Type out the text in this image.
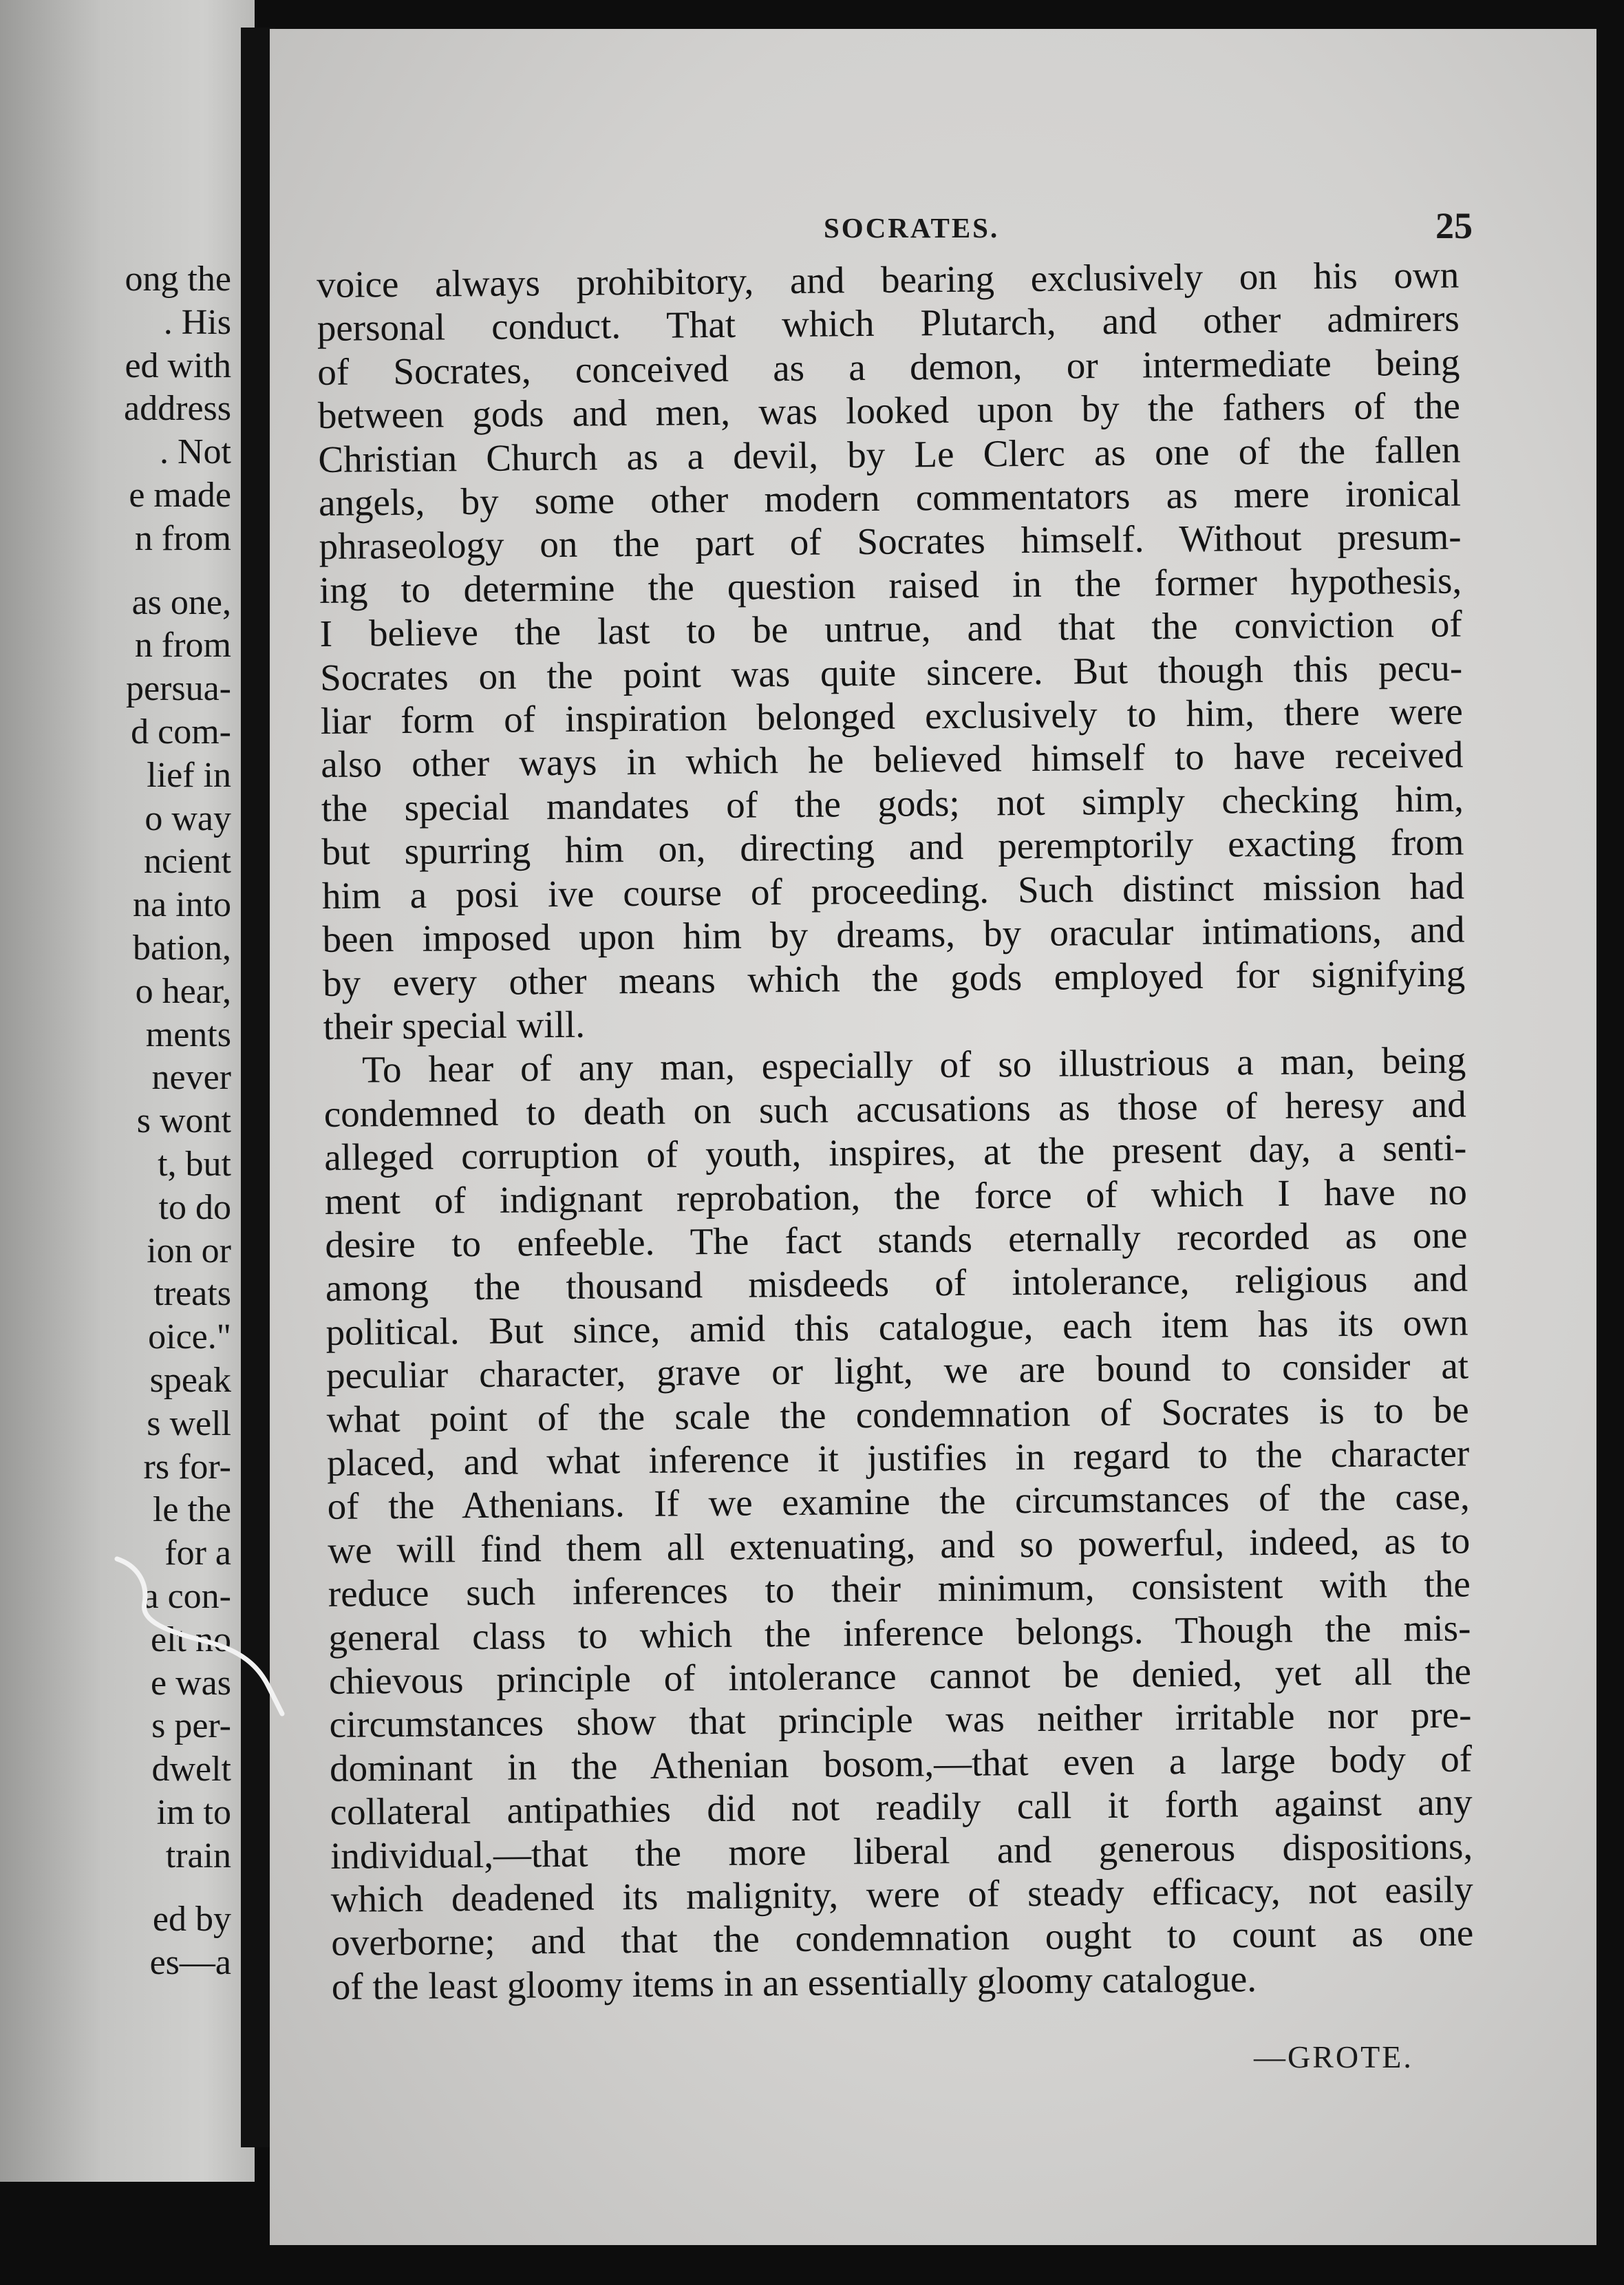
ong the
. His
ed with
address
. Not
e made
n from
as one,
n from
persua-
d com-
lief in
o way
ncient
na into
bation,
o hear,
ments
never
s wont
t, but
to do
ion or
treats
oice."
speak
s well
rs for-
le the
for a
a con-
elt no
e was
s per-
dwelt
im to
train
ed by
es—a
SOCRATES.	25
voice always prohibitory, and bearing exclusively on his own
personal conduct. That which Plutarch, and other admirers
of Socrates, conceived as a demon, or intermediate being
between gods and men, was looked upon by the fathers of the
Christian Church as a devil, by Le Clerc as one of the fallen
angels, by some other modern commentators as mere ironical
phraseology on the part of Socrates himself. Without presum-
ing to determine the question raised in the former hypothesis,
I believe the last to be untrue, and that the conviction of
Socrates on the point was quite sincere. But though this pecu-
liar form of inspiration belonged exclusively to him, there were
also other ways in which he believed himself to have received
the special mandates of the gods; not simply checking him,
but spurring him on, directing and peremptorily exacting from
him a posi ive course of proceeding. Such distinct mission had
been imposed upon him by dreams, by oracular intimations, and
by every other means which the gods employed for signifying
their special will.
To hear of any man, especially of so illustrious a man, being
condemned to death on such accusations as those of heresy and
alleged corruption of youth, inspires, at the present day, a senti-
ment of indignant reprobation, the force of which I have no
desire to enfeeble. The fact stands eternally recorded as one
among the thousand misdeeds of intolerance, religious and
political. But since, amid this catalogue, each item has its own
peculiar character, grave or light, we are bound to consider at
what point of the scale the condemnation of Socrates is to be
placed, and what inference it justifies in regard to the character
of the Athenians. If we examine the circumstances of the case,
we will find them all extenuating, and so powerful, indeed, as to
reduce such inferences to their minimum, consistent with the
general class to which the inference belongs. Though the mis-
chievous principle of intolerance cannot be denied, yet all the
circumstances show that principle was neither irritable nor pre-
dominant in the Athenian bosom,—that even a large body of
collateral antipathies did not readily call it forth against any
individual,—that the more liberal and generous dispositions,
which deadened its malignity, were of steady efficacy, not easily
overborne; and that the condemnation ought to count as one
of the least gloomy items in an essentially gloomy catalogue.
—GROTE.
